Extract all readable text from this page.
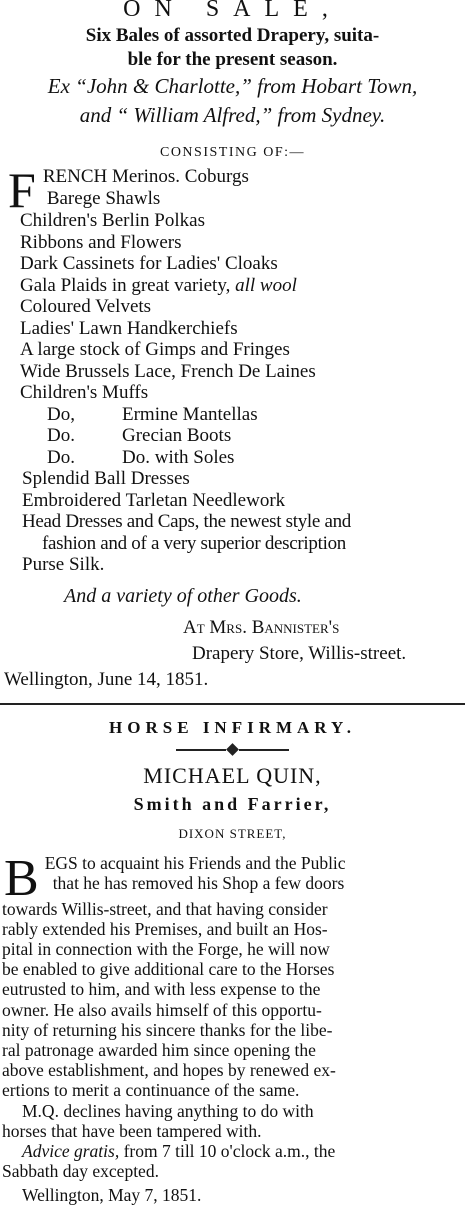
ON SALE,
Six Bales of assorted Drapery, suita-
ble for the present season.
Ex “John & Charlotte,” from Hobart Town,
and “ William Alfred,” from Sydney.
CONSISTING OF:—
F RENCH Merinos. Coburgs
Barege Shawls
Children's Berlin Polkas
Ribbons and Flowers
Dark Cassinets for Ladies' Cloaks
Gala Plaids in great variety, all wool
Coloured Velvets
Ladies' Lawn Handkerchiefs
A large stock of Gimps and Fringes
Wide Brussels Lace, French De Laines
Children's Muffs
Do, Ermine Mantellas
Do. Grecian Boots
Do. Do. with Soles
Splendid Ball Dresses
Embroidered Tarletan Needlework
Head Dresses and Caps, the newest style and
fashion and of a very superior description
Purse Silk.
And a variety of other Goods.
At Mrs. Bannister's
Drapery Store, Willis-street.
Wellington, June 14, 1851.
HORSE INFIRMARY.
MICHAEL QUIN,
Smith and Farrier,
DIXON STREET,
B EGS to acquaint his Friends and the Public
that he has removed his Shop a few doors
towards Willis-street, and that having consider
rably extended his Premises, and built an Hos-
pital in connection with the Forge, he will now
be enabled to give additional care to the Horses
eutrusted to him, and with less expense to the
owner. He also avails himself of this opportu-
nity of returning his sincere thanks for the libe-
ral patronage awarded him since opening the
above establishment, and hopes by renewed ex-
ertions to merit a continuance of the same.
M.Q. declines having anything to do with
horses that have been tampered with.
Advice gratis, from 7 till 10 o'clock a.m., the
Sabbath day excepted.
Wellington, May 7, 1851.
